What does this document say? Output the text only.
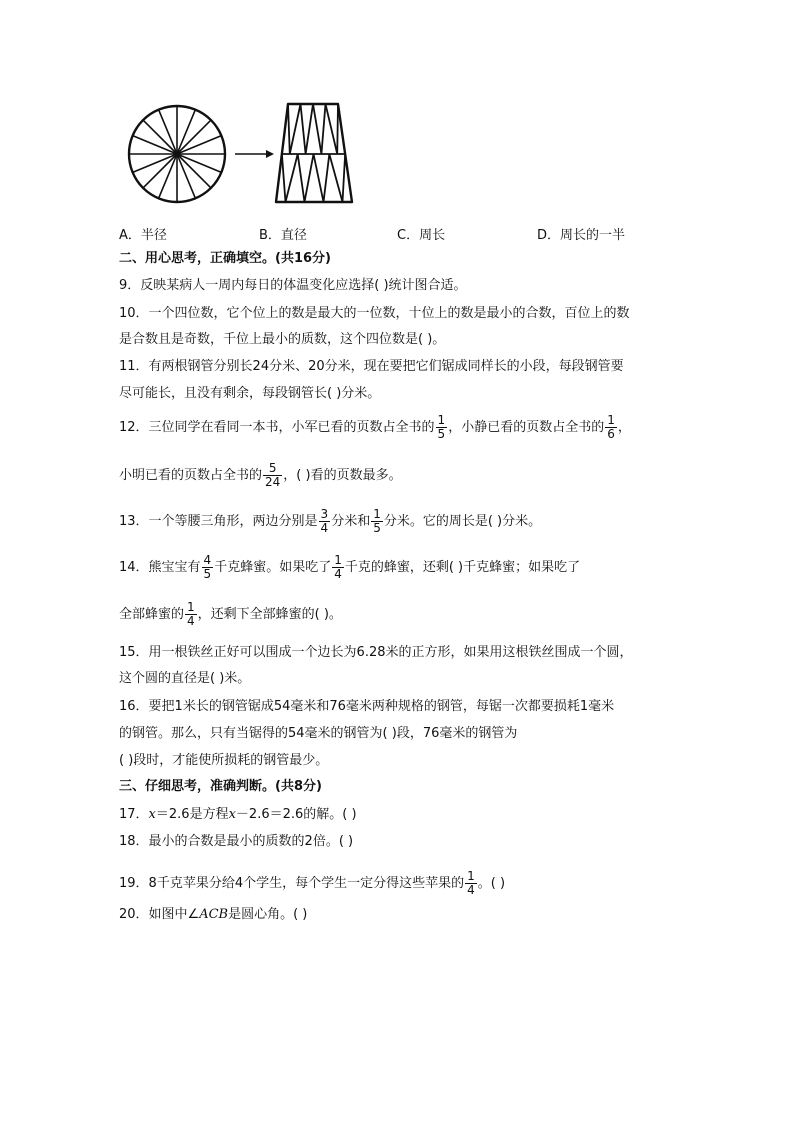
A．半径	B．直径	C．周长	D．周长的一半
二、用心思考，正确填空。(共16分)
9．反映某病人一周内每日的体温变化应选择( )统计图合适。
10．一个四位数，它个位上的数是最大的一位数，十位上的数是最小的合数，百位上的数
是合数且是奇数，千位上最小的质数，这个四位数是( )。
11．有两根钢管分别长24分米、20分米，现在要把它们锯成同样长的小段，每段钢管要
尽可能长，且没有剩余，每段钢管长( )分米。
12．三位同学在看同一本书，小军已看的页数占全书的 $\frac{1}{5}$ ，小静已看的页数占全书的 $\frac{1}{6}$ ，
小明已看的页数占全书的 $\frac{5}{24}$ ，( )看的页数最多。
13．一个等腰三角形，两边分别是 $\frac{3}{4}$ 分米和 $\frac{1}{5}$ 分米。它的周长是( )分米。
14．熊宝宝有 $\frac{4}{5}$ 千克蜂蜜。如果吃了 $\frac{1}{4}$ 千克的蜂蜜，还剩( )千克蜂蜜；如果吃了
全部蜂蜜的 $\frac{1}{4}$ ，还剩下全部蜂蜜的( )。
15．用一根铁丝正好可以围成一个边长为6.28米的正方形，如果用这根铁丝围成一个圆，
这个圆的直径是( )米。
16．要把1米长的钢管锯成54毫米和76毫米两种规格的钢管，每锯一次都要损耗1毫米
的钢管。那么，只有当锯得的54毫米的钢管为( )段，76毫米的钢管为
( )段时，才能使所损耗的钢管最少。
三、仔细思考，准确判断。(共8分)
17．x＝2.6是方程x－2.6＝2.6的解。( )
18．最小的合数是最小的质数的2倍。( )
19．8千克苹果分给4个学生，每个学生一定分得这些苹果的 $\frac{1}{4}$ 。( )
20．如图中∠ACB是圆心角。( )
